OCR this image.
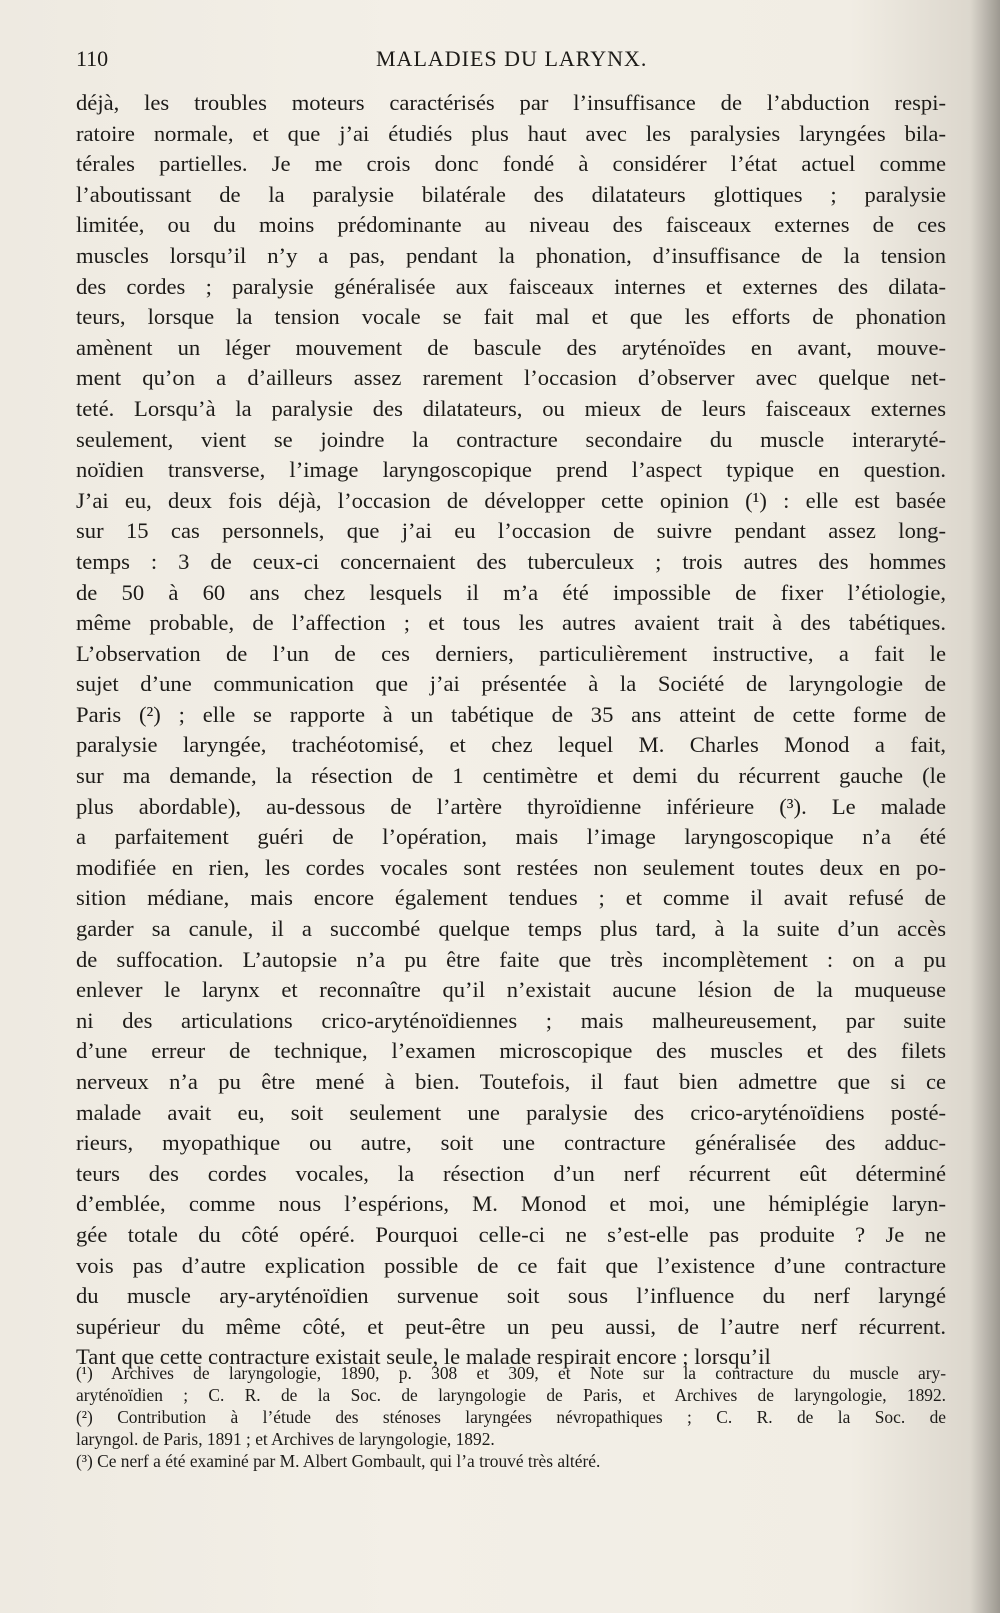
110	MALADIES DU LARYNX.
déjà, les troubles moteurs caractérisés par l’insuffisance de l’abduction respi-
ratoire normale, et que j’ai étudiés plus haut avec les paralysies laryngées bila-
térales partielles. Je me crois donc fondé à considérer l’état actuel comme
l’aboutissant de la paralysie bilatérale des dilatateurs glottiques ; paralysie
limitée, ou du moins prédominante au niveau des faisceaux externes de ces
muscles lorsqu’il n’y a pas, pendant la phonation, d’insuffisance de la tension
des cordes ; paralysie généralisée aux faisceaux internes et externes des dilata-
teurs, lorsque la tension vocale se fait mal et que les efforts de phonation
amènent un léger mouvement de bascule des aryténoïdes en avant, mouve-
ment qu’on a d’ailleurs assez rarement l’occasion d’observer avec quelque net-
teté. Lorsqu’à la paralysie des dilatateurs, ou mieux de leurs faisceaux externes
seulement, vient se joindre la contracture secondaire du muscle interaryté-
noïdien transverse, l’image laryngoscopique prend l’aspect typique en question.
J’ai eu, deux fois déjà, l’occasion de développer cette opinion (¹) : elle est basée
sur 15 cas personnels, que j’ai eu l’occasion de suivre pendant assez long-
temps : 3 de ceux-ci concernaient des tuberculeux ; trois autres des hommes
de 50 à 60 ans chez lesquels il m’a été impossible de fixer l’étiologie,
même probable, de l’affection ; et tous les autres avaient trait à des tabétiques.
L’observation de l’un de ces derniers, particulièrement instructive, a fait le
sujet d’une communication que j’ai présentée à la Société de laryngologie de
Paris (²) ; elle se rapporte à un tabétique de 35 ans atteint de cette forme de
paralysie laryngée, trachéotomisé, et chez lequel M. Charles Monod a fait,
sur ma demande, la résection de 1 centimètre et demi du récurrent gauche (le
plus abordable), au-dessous de l’artère thyroïdienne inférieure (³). Le malade
a parfaitement guéri de l’opération, mais l’image laryngoscopique n’a été
modifiée en rien, les cordes vocales sont restées non seulement toutes deux en po-
sition médiane, mais encore également tendues ; et comme il avait refusé de
garder sa canule, il a succombé quelque temps plus tard, à la suite d’un accès
de suffocation. L’autopsie n’a pu être faite que très incomplètement : on a pu
enlever le larynx et reconnaître qu’il n’existait aucune lésion de la muqueuse
ni des articulations crico-aryténoïdiennes ; mais malheureusement, par suite
d’une erreur de technique, l’examen microscopique des muscles et des filets
nerveux n’a pu être mené à bien. Toutefois, il faut bien admettre que si ce
malade avait eu, soit seulement une paralysie des crico-aryténoïdiens posté-
rieurs, myopathique ou autre, soit une contracture généralisée des adduc-
teurs des cordes vocales, la résection d’un nerf récurrent eût déterminé
d’emblée, comme nous l’espérions, M. Monod et moi, une hémiplégie laryn-
gée totale du côté opéré. Pourquoi celle-ci ne s’est-elle pas produite ? Je ne
vois pas d’autre explication possible de ce fait que l’existence d’une contracture
du muscle ary-aryténoïdien survenue soit sous l’influence du nerf laryngé
supérieur du même côté, et peut-être un peu aussi, de l’autre nerf récurrent.
Tant que cette contracture existait seule, le malade respirait encore ; lorsqu’il
(¹) Archives de laryngologie, 1890, p. 308 et 309, et Note sur la contracture du muscle ary-
aryténoïdien ; C. R. de la Soc. de laryngologie de Paris, et Archives de laryngologie, 1892.
(²) Contribution à l’étude des sténoses laryngées névropathiques ; C. R. de la Soc. de
laryngol. de Paris, 1891 ; et Archives de laryngologie, 1892.
(³) Ce nerf a été examiné par M. Albert Gombault, qui l’a trouvé très altéré.
